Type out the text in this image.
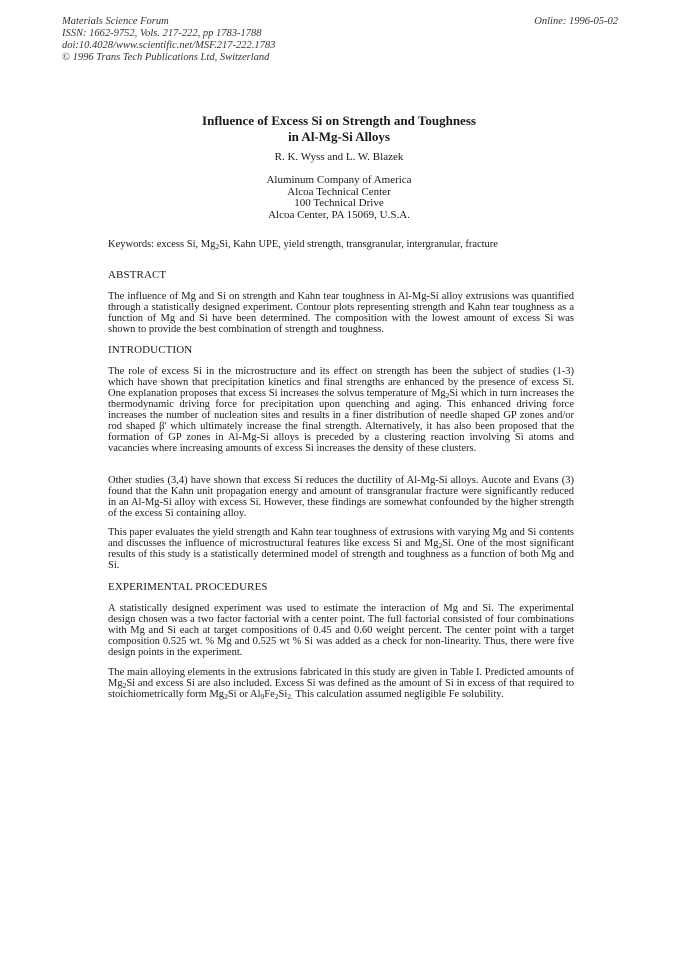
Materials Science Forum
ISSN: 1662-9752, Vols. 217-222, pp 1783-1788
doi:10.4028/www.scientific.net/MSF.217-222.1783
© 1996 Trans Tech Publications Ltd, Switzerland
Online: 1996-05-02
Influence of Excess Si on Strength and Toughness
in Al-Mg-Si Alloys
R. K. Wyss and L. W. Blazek
Aluminum Company of America
Alcoa Technical Center
100 Technical Drive
Alcoa Center, PA 15069, U.S.A.
Keywords: excess Si, $Mg_2Si$, Kahn UPE, yield strength, transgranular, intergranular, fracture
ABSTRACT
The influence of Mg and Si on strength and Kahn tear toughness in Al-Mg-Si alloy extrusions was quantified through a statistically designed experiment. Contour plots representing strength and Kahn tear toughness as a function of Mg and Si have been determined. The composition with the lowest amount of excess Si was shown to provide the best combination of strength and toughness.
INTRODUCTION
The role of excess Si in the microstructure and its effect on strength has been the subject of studies (1-3) which have shown that precipitation kinetics and final strengths are enhanced by the presence of excess Si. One explanation proposes that excess Si increases the solvus temperature of $Mg_2Si$ which in turn increases the thermodynamic driving force for precipitation upon quenching and aging. This enhanced driving force increases the number of nucleation sites and results in a finer distribution of needle shaped GP zones and/or rod shaped β' which ultimately increase the final strength. Alternatively, it has also been proposed that the formation of GP zones in Al-Mg-Si alloys is preceded by a clustering reaction involving Si atoms and vacancies where increasing amounts of excess Si increases the density of these clusters.
Other studies (3,4) have shown that excess Si reduces the ductility of Al-Mg-Si alloys. Aucote and Evans (3) found that the Kahn unit propagation energy and amount of transgranular fracture were significantly reduced in an Al-Mg-Si alloy with excess Si. However, these findings are somewhat confounded by the higher strength of the excess Si containing alloy.
This paper evaluates the yield strength and Kahn tear toughness of extrusions with varying Mg and Si contents and discusses the influence of microstructural features like excess Si and $Mg_2Si$. One of the most significant results of this study is a statistically determined model of strength and toughness as a function of both Mg and Si.
EXPERIMENTAL PROCEDURES
A statistically designed experiment was used to estimate the interaction of Mg and Si. The experimental design chosen was a two factor factorial with a center point. The full factorial consisted of four combinations with Mg and Si each at target compositions of 0.45 and 0.60 weight percent. The center point with a target composition 0.525 wt. % Mg and 0.525 wt % Si was added as a check for non-linearity. Thus, there were five design points in the experiment.
The main alloying elements in the extrusions fabricated in this study are given in Table I. Predicted amounts of $Mg_2Si$ and excess Si are also included. Excess Si was defined as the amount of Si in excess of that required to stoichiometrically form $Mg_2Si$ or $Al_9Fe_2Si_{2.}$ This calculation assumed negligible Fe solubility.
